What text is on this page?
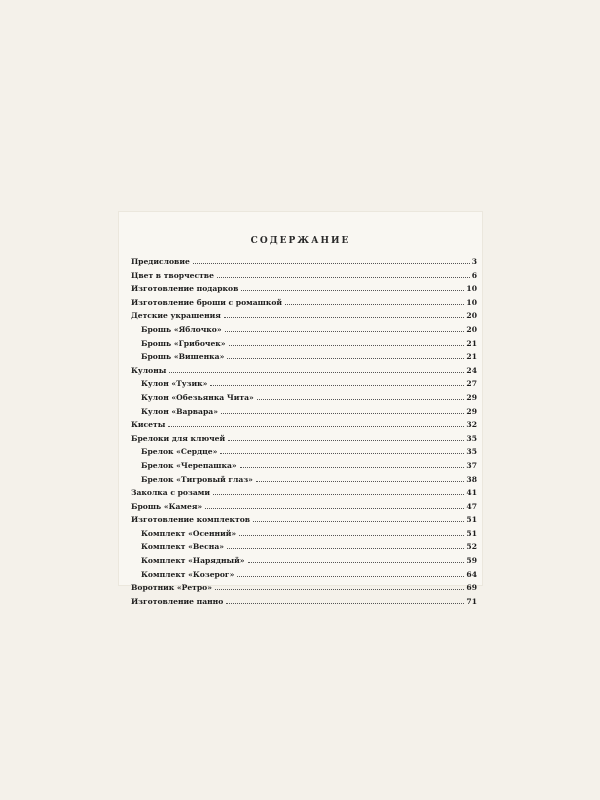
СОДЕРЖАНИЕ
Предисловие	3
Цвет в творчестве	6
Изготовление подарков	10
Изготовление броши с ромашкой	10
Детские украшения	20
Брошь «Яблочко»	20
Брошь «Грибочек»	21
Брошь «Вишенка»	21
Кулоны	24
Кулон «Тузик»	27
Кулон «Обезьянка Чита»	29
Кулон «Варвара»	29
Кисеты	32
Брелоки для ключей	35
Брелок «Сердце»	35
Брелок «Черепашка»	37
Брелок «Тигровый глаз»	38
Заколка с розами	41
Брошь «Камея»	47
Изготовление комплектов	51
Комплект «Осенний»	51
Комплект «Весна»	52
Комплект «Нарядный»	59
Комплект «Козерог»	64
Воротник «Ретро»	69
Изготовление панно	71
